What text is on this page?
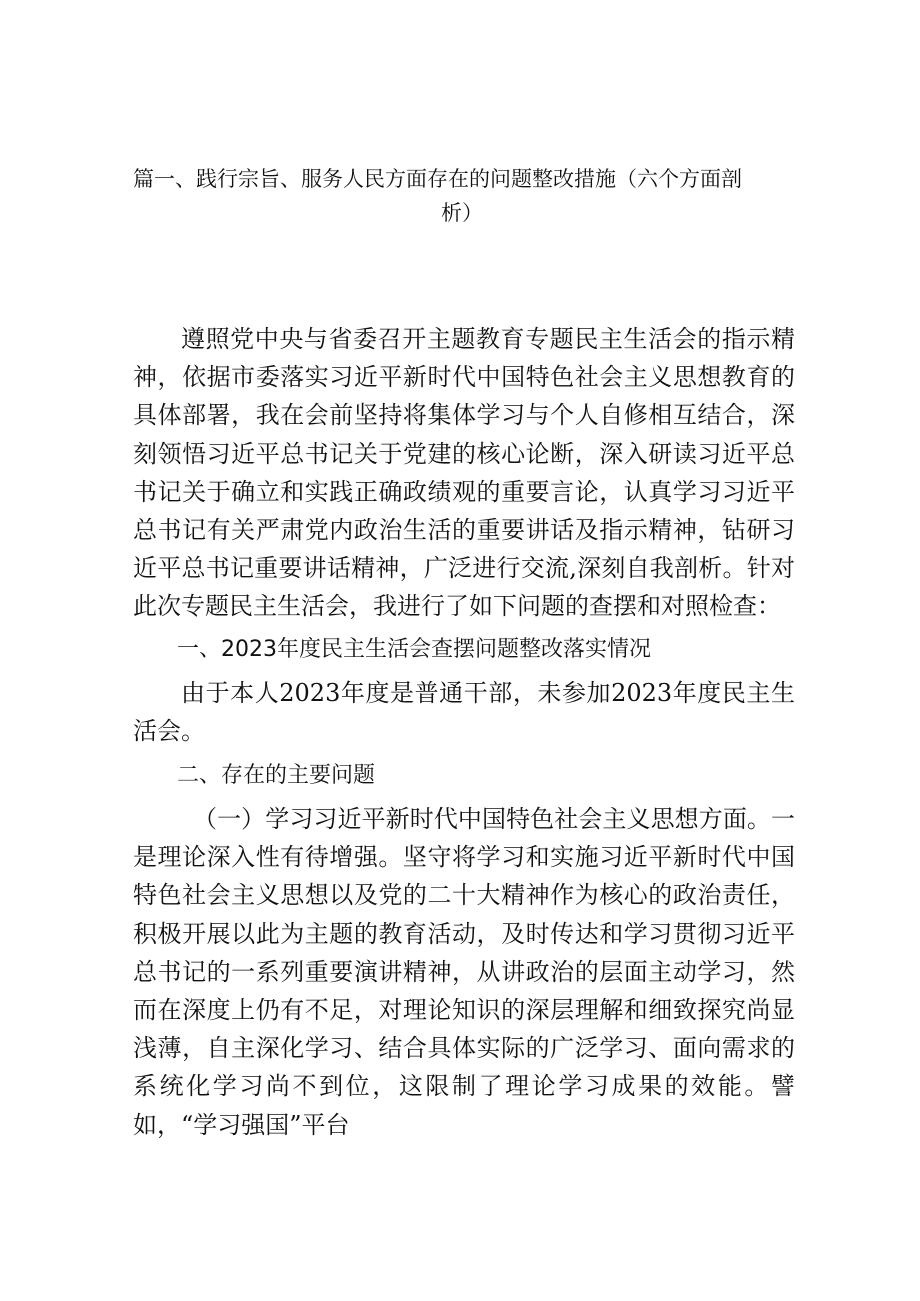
篇一、践行宗旨、服务人民方面存在的问题整改措施（六个方面剖
析）

遵照党中央与省委召开主题教育专题民主生活会的指示精神，依据市委落实习近平新时代中国特色社会主义思想教育的具体部署，我在会前坚持将集体学习与个人自修相互结合，深刻领悟习近平总书记关于党建的核心论断，深入研读习近平总书记关于确立和实践正确政绩观的重要言论，认真学习习近平总书记有关严肃党内政治生活的重要讲话及指示精神，钻研习近平总书记重要讲话精神，广泛进行交流,深刻自我剖析。针对此次专题民主生活会，我进行了如下问题的查摆和对照检查：

一、2023年度民主生活会查摆问题整改落实情况

由于本人2023年度是普通干部，未参加2023年度民主生活会。

二、存在的主要问题

（一）学习习近平新时代中国特色社会主义思想方面。一是理论深入性有待增强。坚守将学习和实施习近平新时代中国特色社会主义思想以及党的二十大精神作为核心的政治责任，积极开展以此为主题的教育活动，及时传达和学习贯彻习近平总书记的一系列重要演讲精神，从讲政治的层面主动学习，然而在深度上仍有不足，对理论知识的深层理解和细致探究尚显浅薄，自主深化学习、结合具体实际的广泛学习、面向需求的系统化学习尚不到位，这限制了理论学习成果的效能。譬如，“学习强国”平台
